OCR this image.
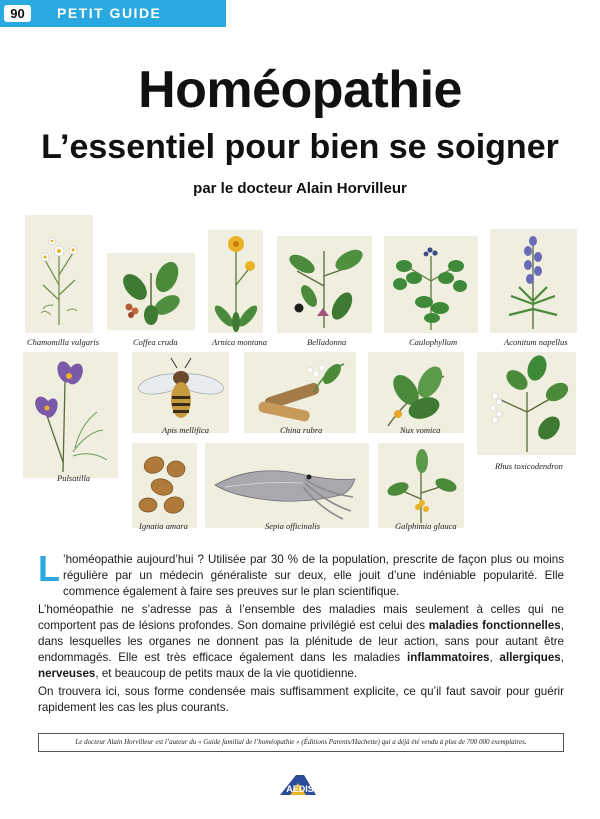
90	PETIT GUIDE
Homéopathie
L’essentiel pour bien se soigner
par le docteur Alain Horvilleur
Chamomilla vulgaris	Coffea cruda	Arnica montana	Belladonna	Caulophyllum	Aconitum napellus
Pulsatilla
Apis mellifica	China rubra	Nux vomica
Rhus toxicodendron
Ignatia amara	Sepia officinalis	Galphimia glauca

L ’homéopathie aujourd’hui ? Utilisée par 30 % de la population, prescrite de façon plus ou moins régulière par un médecin généraliste sur deux, elle jouit d’une indéniable popularité. Elle commence également à faire ses preuves sur le plan scientifique.

L’homéopathie ne s’adresse pas à l’ensemble des maladies mais seulement à celles qui ne comportent pas de lésions profondes. Son domaine privilégié est celui des maladies fonctionnelles, dans lesquelles les organes ne donnent pas la plénitude de leur action, sans pour autant être endommagés. Elle est très efficace également dans les maladies inflammatoires, allergiques, nerveuses, et beaucoup de petits maux de la vie quotidienne.

On trouvera ici, sous forme condensée mais suffisamment explicite, ce qu’il faut savoir pour guérir rapidement les cas les plus courants.

Le docteur Alain Horvilleur est l’auteur du « Guide familial de l’homéopathie » (Éditions Parents/Hachette) qui a déjà été vendu à plus de 700 000 exemplaires.
AEDIS
